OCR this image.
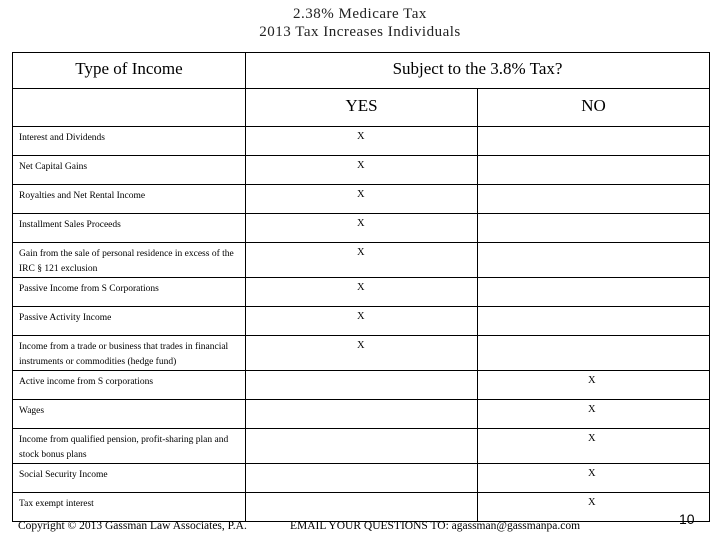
2.38% Medicare Tax
2013 Tax Increases Individuals
Type of Income	Subject to the 3.8% Tax?	

	YES	NO

Interest and Dividends	X	
Net Capital Gains	X	
Royalties and Net Rental Income	X	
Installment Sales Proceeds	X	
Gain from the sale of personal residence in excess of the IRC § 121 exclusion	X	
Passive Income from S Corporations	X	
Passive Activity Income	X	
Income from a trade or business that trades in financial instruments or commodities (hedge fund)	X	
Active income from S corporations		X
Wages		X
Income from qualified pension, profit-sharing plan and stock bonus plans		X
Social Security Income		X
Tax exempt interest		X
Copyright © 2013 Gassman Law Associates, P.A.	EMAIL YOUR QUESTIONS TO: agassman@gassmanpa.com	10
